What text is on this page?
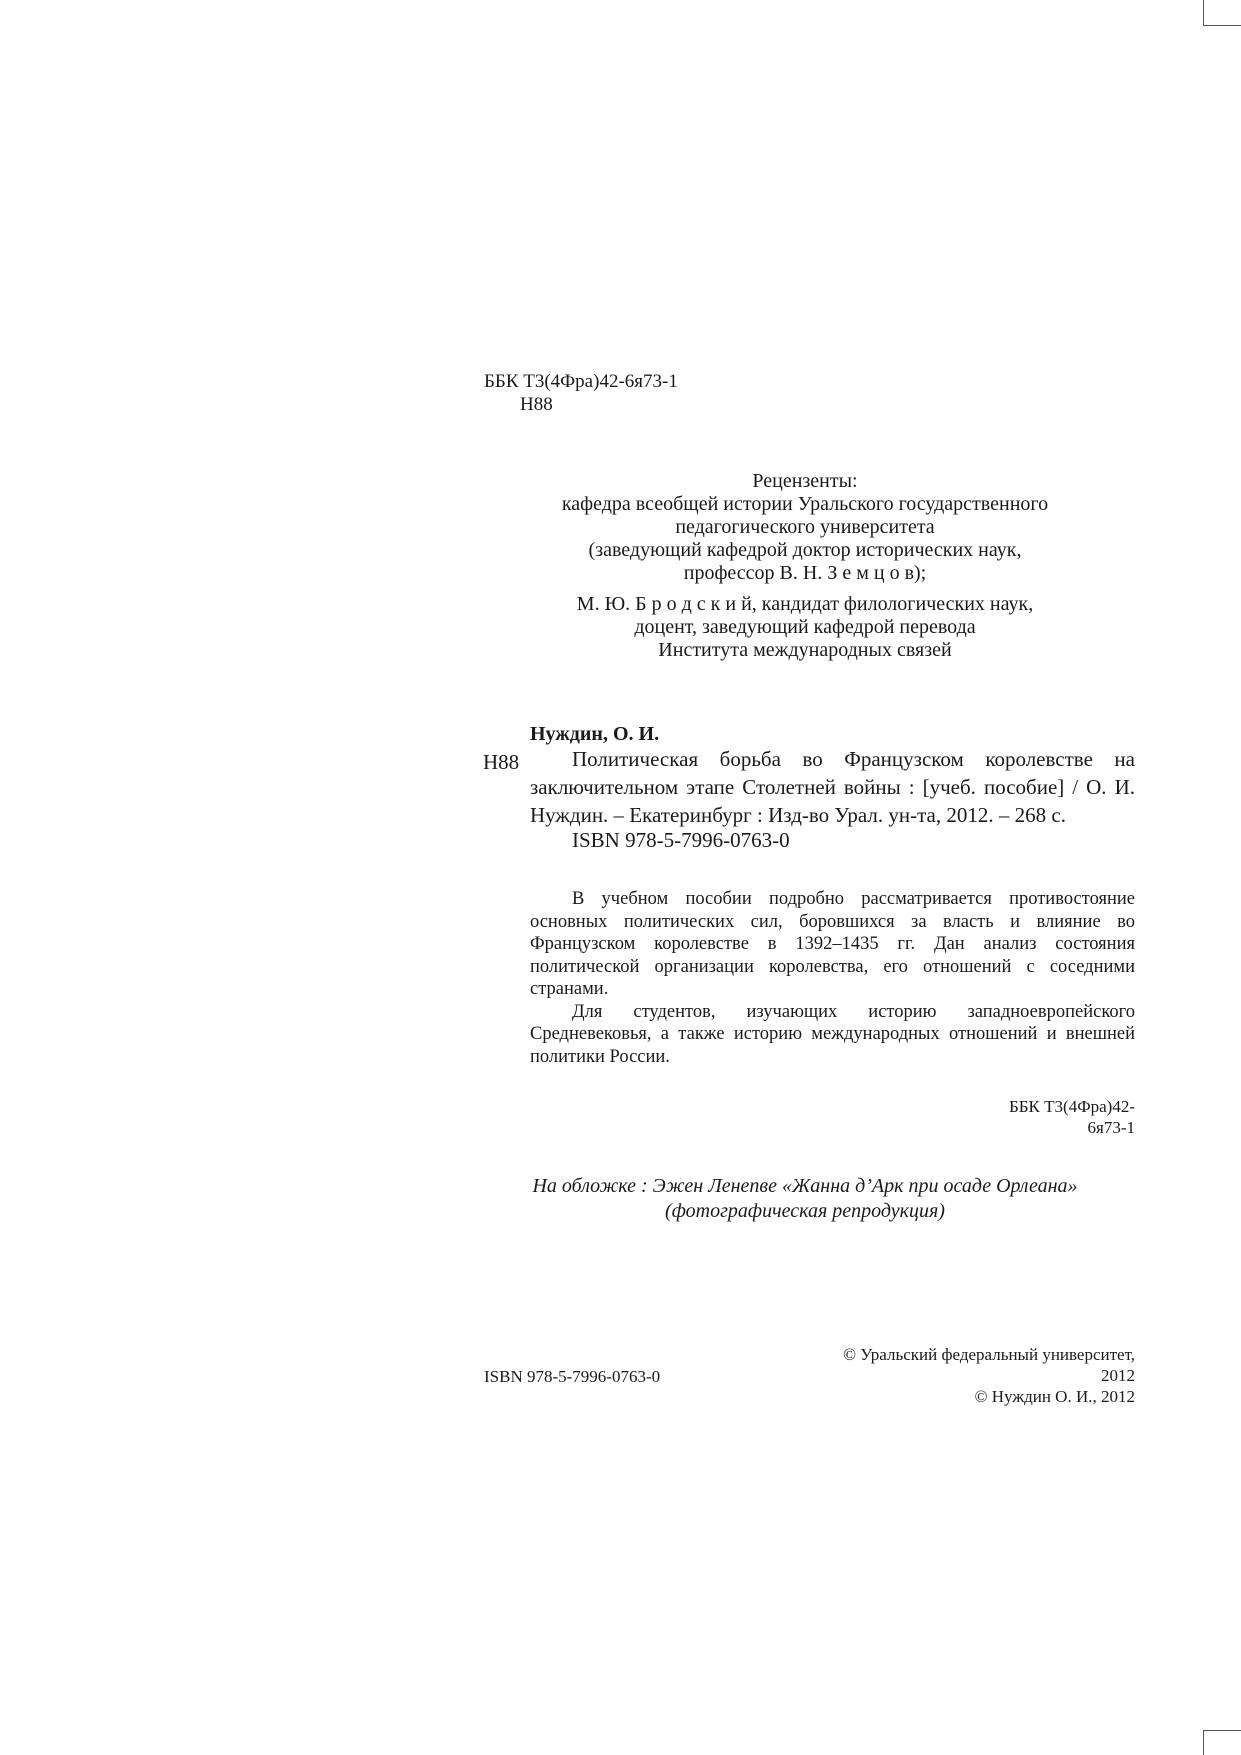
ББК Т3(4Фра)42-6я73-1
Н88
Рецензенты:
кафедра всеобщей истории Уральского государственного
педагогического университета
(заведующий кафедрой доктор исторических наук,
профессор В. Н. З е м ц о в);
М. Ю. Б р о д с к и й, кандидат филологических наук,
доцент, заведующий кафедрой перевода
Института международных связей
Нуждин, О. И.
Н88	Политическая борьба во Французском королевстве на заключительном этапе Столетней войны : [учеб. пособие] / О. И. Нуждин. – Екатеринбург : Изд-во Урал. ун-та, 2012. – 268 с.
ISBN 978-5-7996-0763-0

В учебном пособии подробно рассматривается противостояние основных политических сил, боровшихся за власть и влияние во Французском королевстве в 1392–1435 гг. Дан анализ состояния политической организации королевства, его отношений с соседними странами.

Для студентов, изучающих историю западноевропейского Средневековья, а также историю международных отношений и внешней политики России.

ББК Т3(4Фра)42-
6я73-1
На обложке : Эжен Ленепве «Жанна д’Арк при осаде Орлеана»
(фотографическая репродукция)
ISBN 978-5-7996-0763-0
© Уральский федеральный университет,
2012
© Нуждин О. И., 2012
